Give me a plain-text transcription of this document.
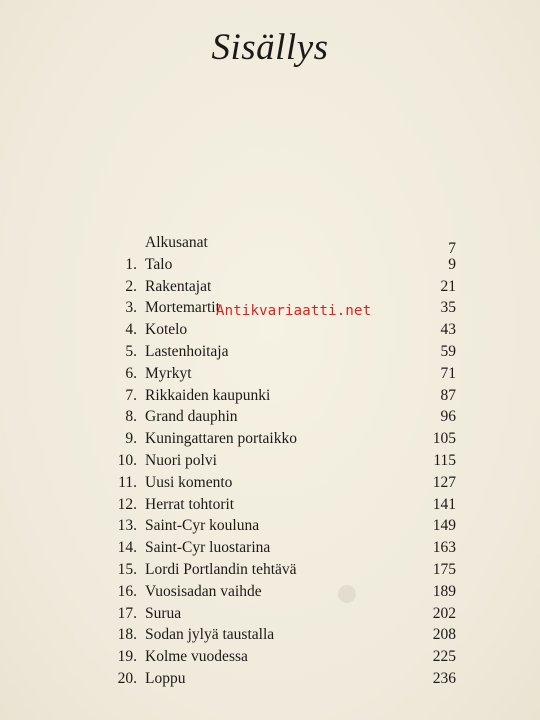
Sisällys
Alkusanat	7
1. Talo	9
2. Rakentajat	21
3. Mortemartit	35
4. Kotelo	43
5. Lastenhoitaja	59
6. Myrkyt	71
7. Rikkaiden kaupunki	87
8. Grand dauphin	96
9. Kuningattaren portaikko	105
10. Nuori polvi	115
11. Uusi komento	127
12. Herrat tohtorit	141
13. Saint-Cyr kouluna	149
14. Saint-Cyr luostarina	163
15. Lordi Portlandin tehtävä	175
16. Vuosisadan vaihde	189
17. Surua	202
18. Sodan jylyä taustalla	208
19. Kolme vuodessa	225
20. Loppu	236
Antikvariaatti.net
